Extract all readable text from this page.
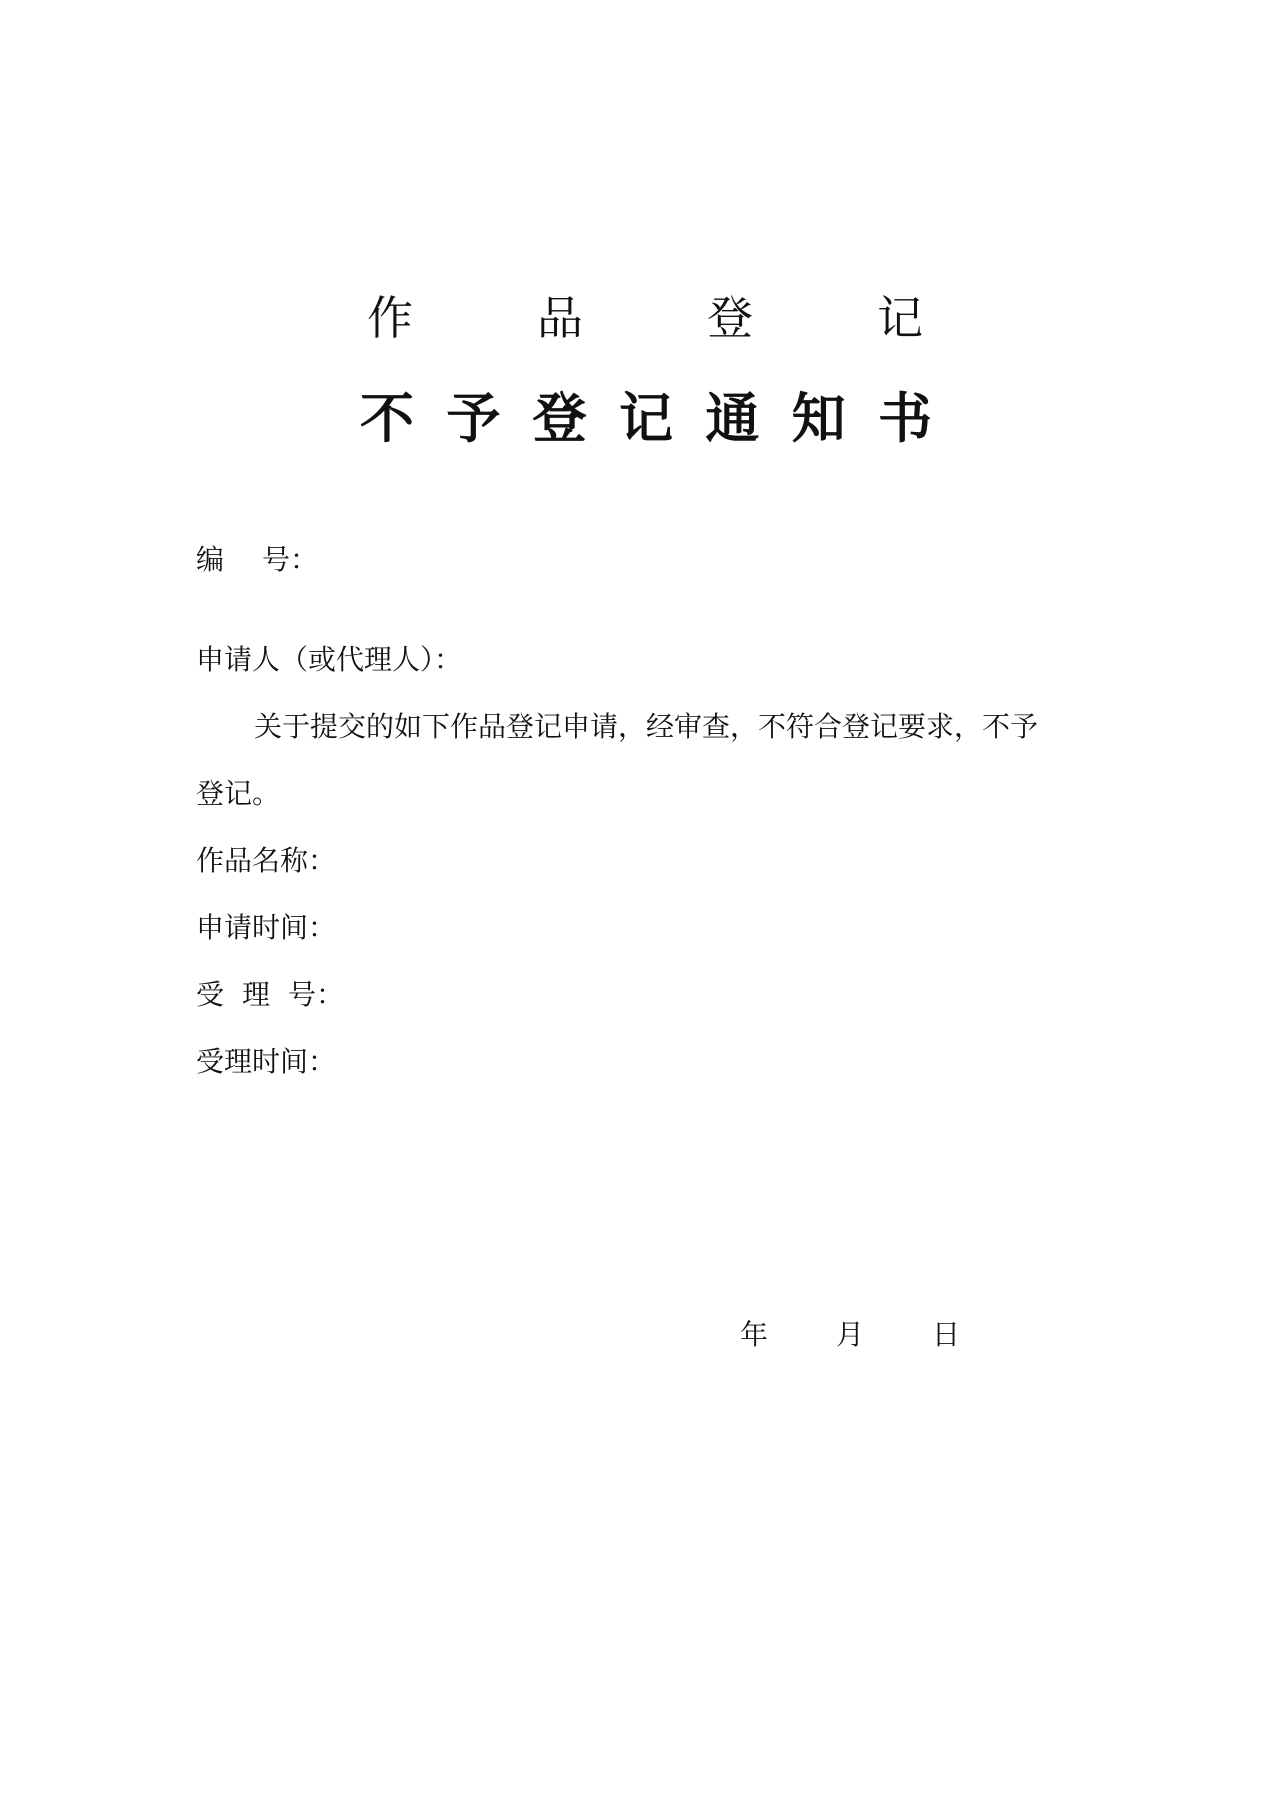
作	品	登	记
不 予 登 记 通 知 书
编 号：
申请人（或代理人）：
关于提交的如下作品登记申请，经审查，不符合登记要求，不予
登记。
作品名称：
申请时间：
受 理 号：
受理时间：
年 月 日
